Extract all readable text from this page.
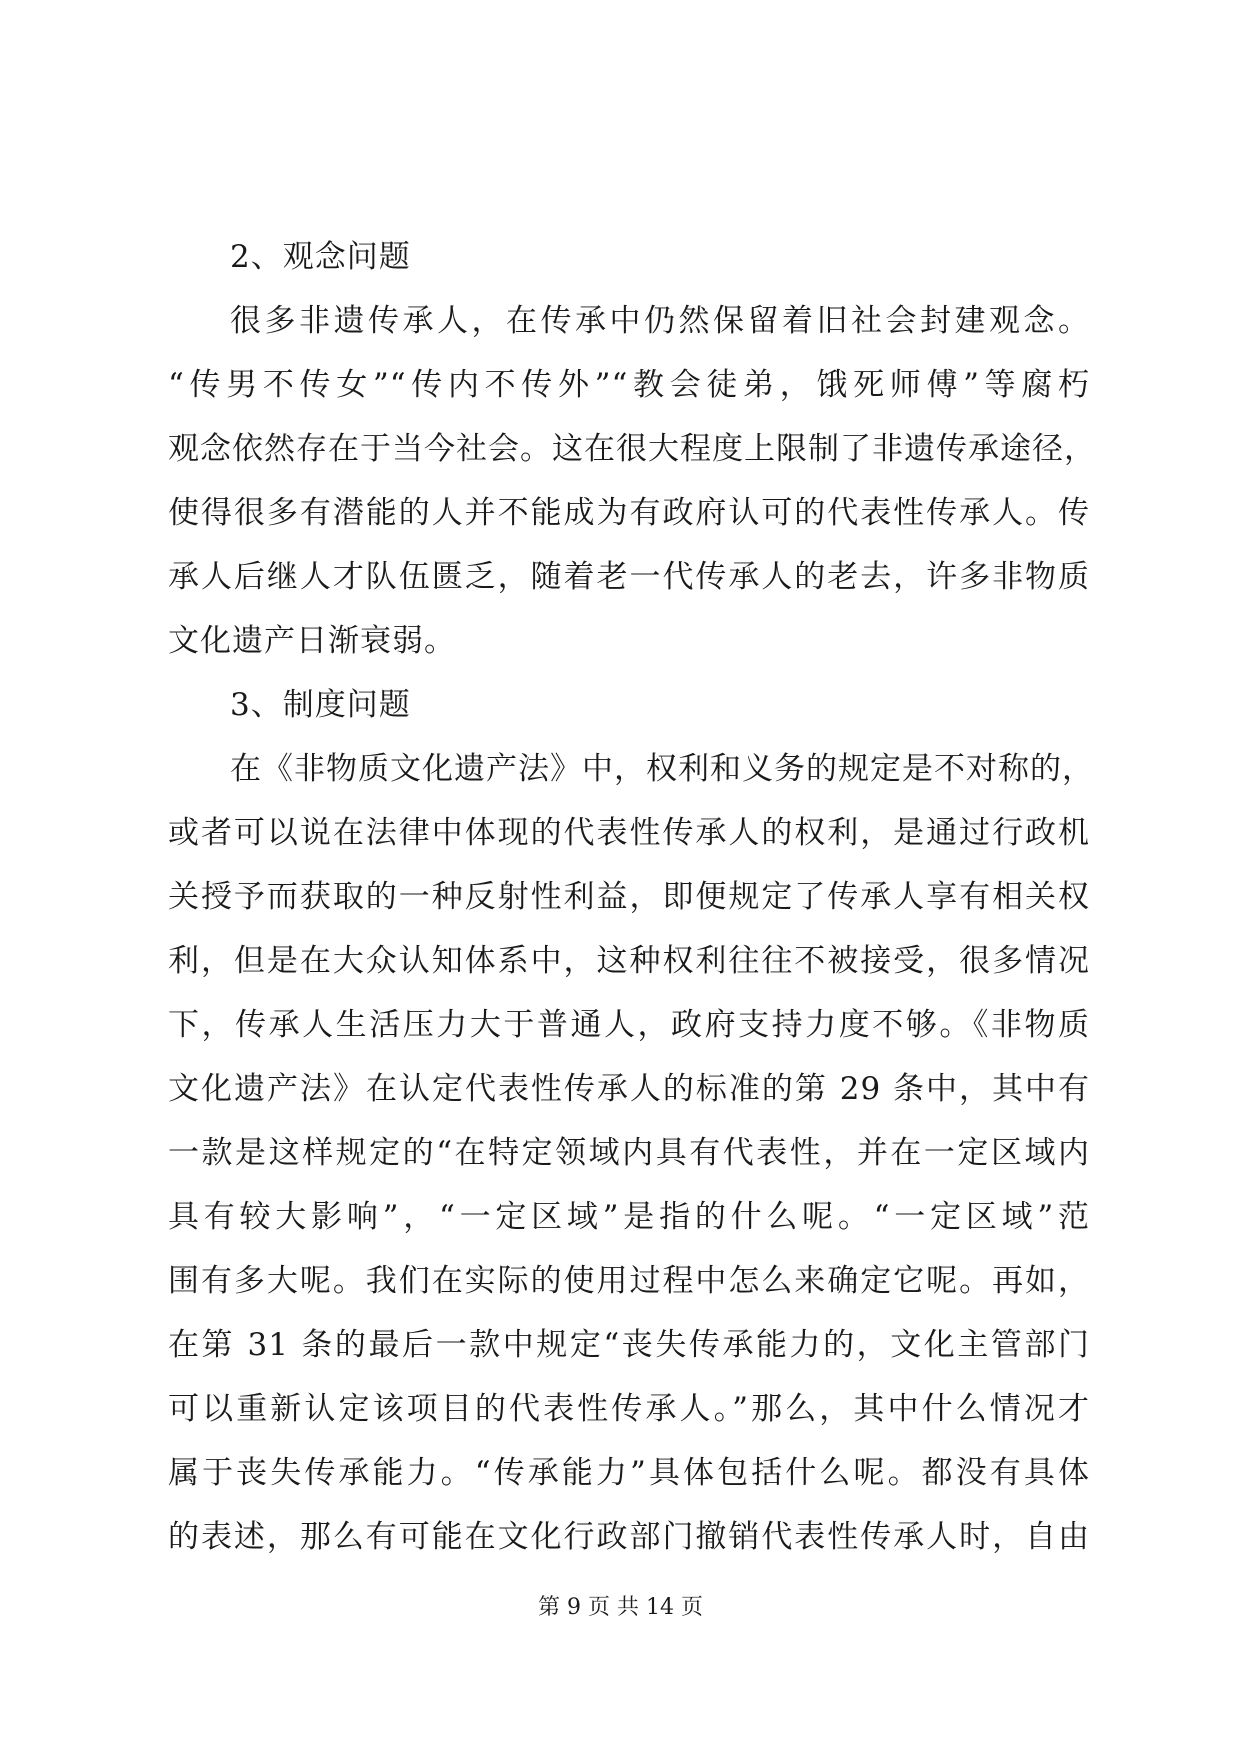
2、观念问题
很多非遗传承人，在传承中仍然保留着旧社会封建观念。
“传男不传女”“传内不传外”“教会徒弟，饿死师傅”等腐朽
观念依然存在于当今社会。这在很大程度上限制了非遗传承途径，
使得很多有潜能的人并不能成为有政府认可的代表性传承人。传
承人后继人才队伍匮乏，随着老一代传承人的老去，许多非物质
文化遗产日渐衰弱。
3、制度问题
在《非物质文化遗产法》中，权利和义务的规定是不对称的，
或者可以说在法律中体现的代表性传承人的权利，是通过行政机
关授予而获取的一种反射性利益，即便规定了传承人享有相关权
利，但是在大众认知体系中，这种权利往往不被接受，很多情况
下，传承人生活压力大于普通人，政府支持力度不够。《非物质
文化遗产法》在认定代表性传承人的标准的第 29 条中，其中有
一款是这样规定的“在特定领域内具有代表性，并在一定区域内
具有较大影响”，“一定区域”是指的什么呢。“一定区域”范
围有多大呢。我们在实际的使用过程中怎么来确定它呢。再如，
在第 31 条的最后一款中规定“丧失传承能力的，文化主管部门
可以重新认定该项目的代表性传承人。”那么，其中什么情况才
属于丧失传承能力。“传承能力”具体包括什么呢。都没有具体
的表述，那么有可能在文化行政部门撤销代表性传承人时，自由
第 9 页 共 14 页
